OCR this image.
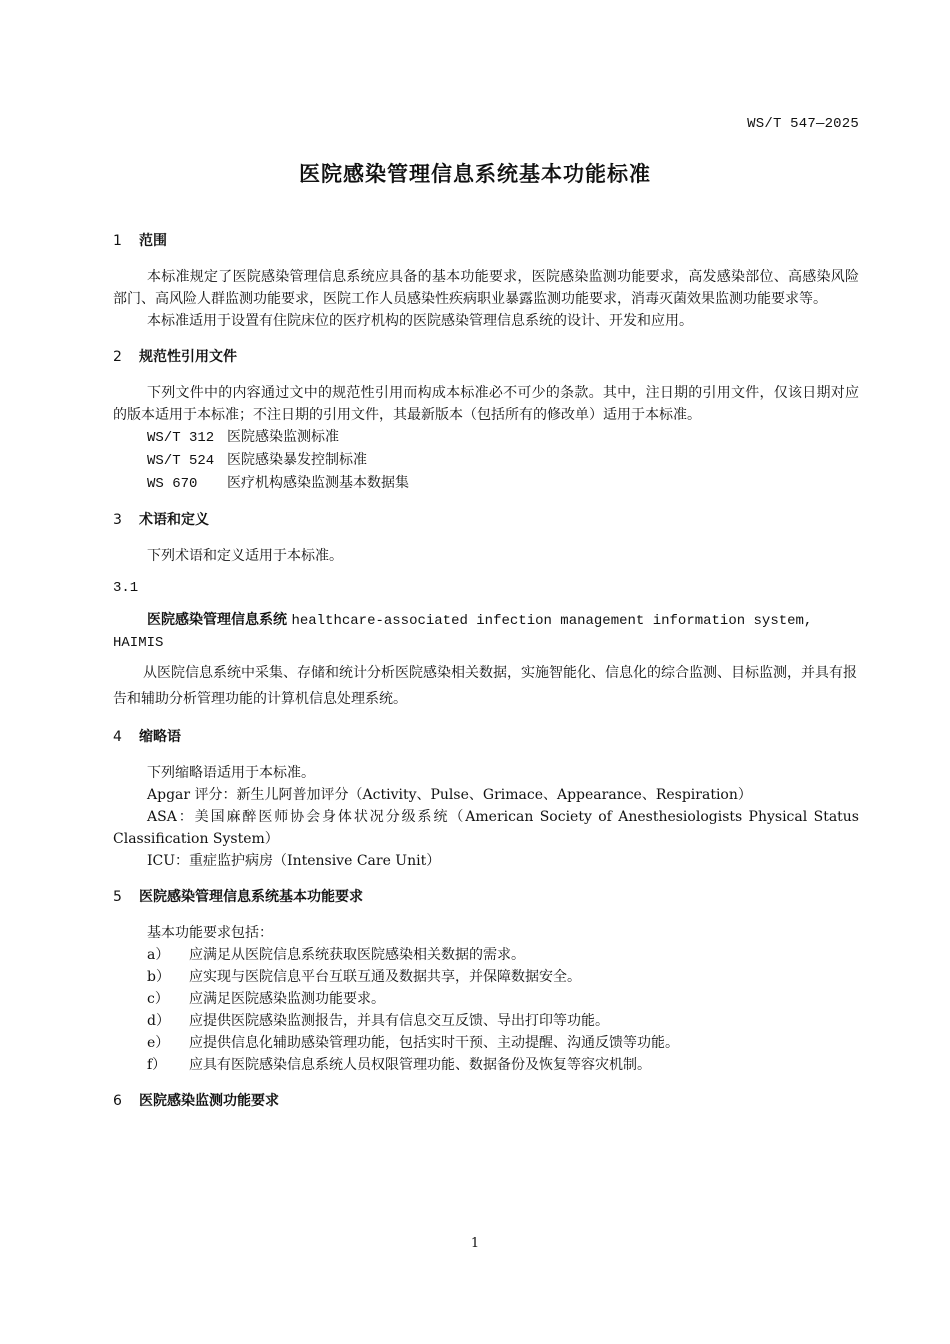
WS/T 547—2025
医院感染管理信息系统基本功能标准
1 范围

本标准规定了医院感染管理信息系统应具备的基本功能要求，医院感染监测功能要求，高发感染部位、高感染风险部门、高风险人群监测功能要求，医院工作人员感染性疾病职业暴露监测功能要求，消毒灭菌效果监测功能要求等。

本标准适用于设置有住院床位的医疗机构的医院感染管理信息系统的设计、开发和应用。

2 规范性引用文件

下列文件中的内容通过文中的规范性引用而构成本标准必不可少的条款。其中，注日期的引用文件，仅该日期对应的版本适用于本标准；不注日期的引用文件，其最新版本（包括所有的修改单）适用于本标准。

WS/T 312 医院感染监测标准

WS/T 524 医院感染暴发控制标准

WS 670 医疗机构感染监测基本数据集

3 术语和定义

下列术语和定义适用于本标准。

3.1

医院感染管理信息系统 healthcare-associated infection management information system,

HAIMIS

从医院信息系统中采集、存储和统计分析医院感染相关数据，实施智能化、信息化的综合监测、目标监测，并具有报告和辅助分析管理功能的计算机信息处理系统。

4 缩略语

下列缩略语适用于本标准。

Apgar 评分：新生儿阿普加评分（Activity、Pulse、Grimace、Appearance、Respiration）

ASA：美国麻醉医师协会身体状况分级系统（American Society of Anesthesiologists Physical Status Classification System）

ICU：重症监护病房（Intensive Care Unit）

5 医院感染管理信息系统基本功能要求

基本功能要求包括：

a） 应满足从医院信息系统获取医院感染相关数据的需求。

b） 应实现与医院信息平台互联互通及数据共享，并保障数据安全。

c） 应满足医院感染监测功能要求。

d） 应提供医院感染监测报告，并具有信息交互反馈、导出打印等功能。

e） 应提供信息化辅助感染管理功能，包括实时干预、主动提醒、沟通反馈等功能。

f） 应具有医院感染信息系统人员权限管理功能、数据备份及恢复等容灾机制。

6 医院感染监测功能要求
1
